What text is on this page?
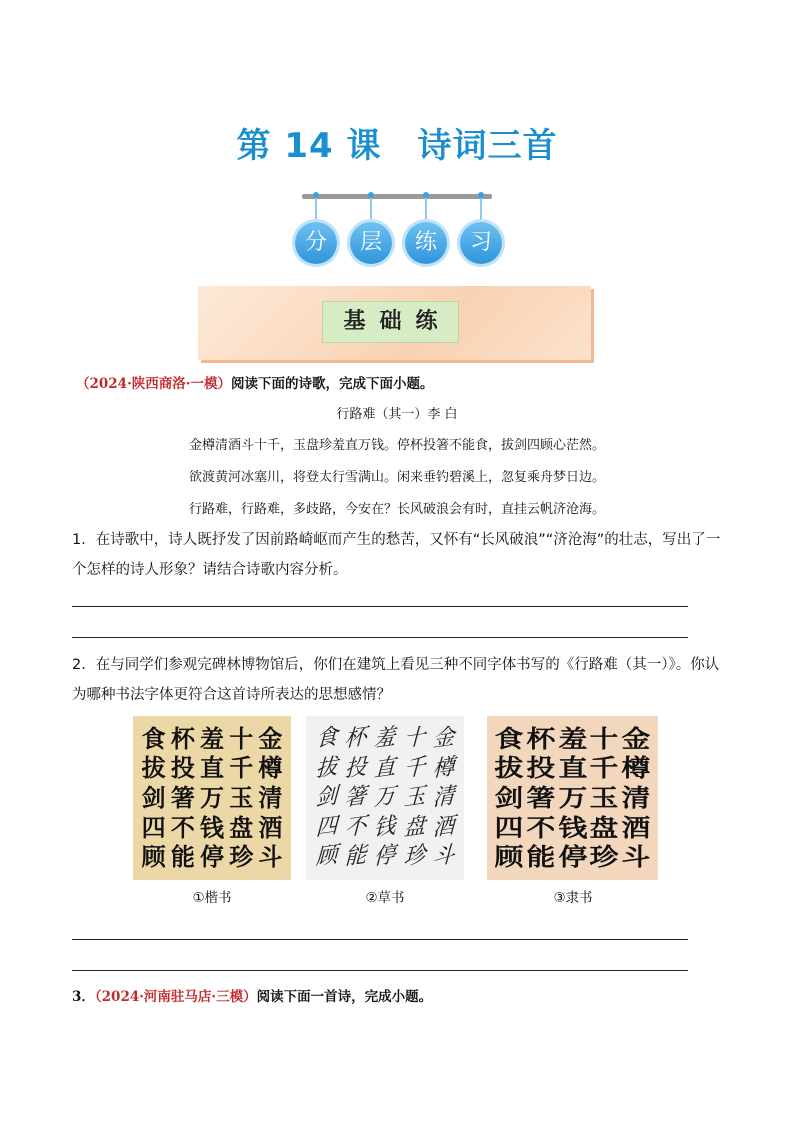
第 14 课 诗词三首
分	层	练	习
基础练
（2024·陕西商洛·一模）阅读下面的诗歌，完成下面小题。
行路难（其一）李 白
金樽清酒斗十千，玉盘珍羞直万钱。停杯投箸不能食，拔剑四顾心茫然。
欲渡黄河冰塞川，将登太行雪满山。闲来垂钓碧溪上，忽复乘舟梦日边。
行路难，行路难，多歧路，今安在？长风破浪会有时，直挂云帆济沧海。
1．在诗歌中，诗人既抒发了因前路崎岖而产生的愁苦，又怀有“长风破浪”“济沧海”的壮志，写出了一个怎样的诗人形象？请结合诗歌内容分析。
2．在与同学们参观完碑林博物馆后，你们在建筑上看见三种不同字体书写的《行路难（其一）》。你认为哪种书法字体更符合这首诗所表达的思想感情？
金
樽
清
酒
斗
十
千
玉
盘
珍
羞
直
万
钱
停
杯
投
箸
不
能
食
拔
剑
四
顾
金
樽
清
酒
斗
十
千
玉
盘
珍
羞
直
万
钱
停
杯
投
箸
不
能
食
拔
剑
四
顾
金
樽
清
酒
斗
十
千
玉
盘
珍
羞
直
万
钱
停
杯
投
箸
不
能
食
拔
剑
四
顾
①楷书	②草书	③隶书
3．（2024·河南驻马店·三模）阅读下面一首诗，完成小题。
